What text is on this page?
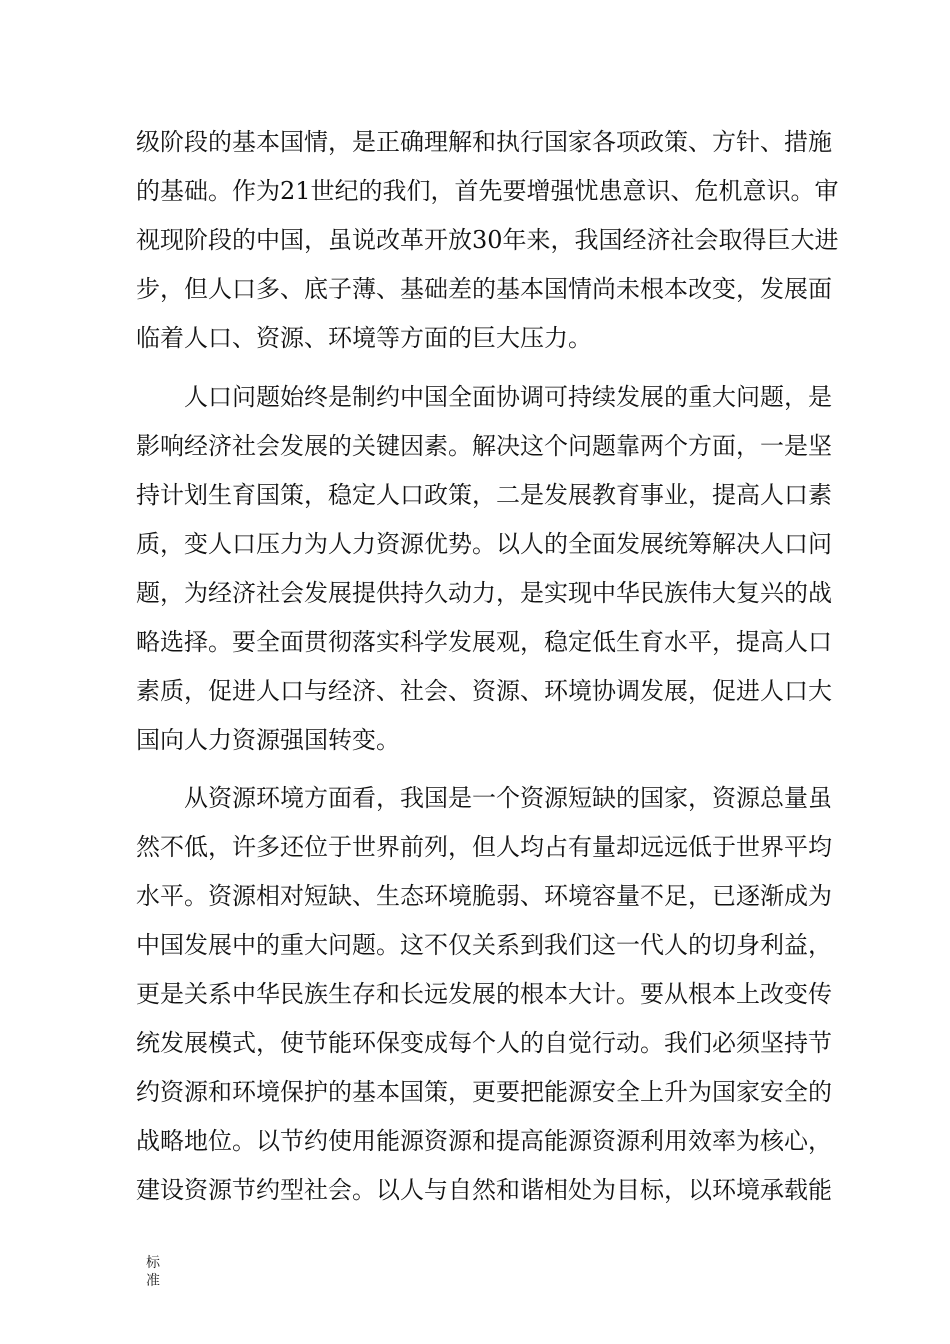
级阶段的基本国情，是正确理解和执行国家各项政策、方针、措施
的基础。作为21世纪的我们，首先要增强忧患意识、危机意识。审
视现阶段的中国，虽说改革开放30年来，我国经济社会取得巨大进
步，但人口多、底子薄、基础差的基本国情尚未根本改变，发展面
临着人口、资源、环境等方面的巨大压力。
人口问题始终是制约中国全面协调可持续发展的重大问题，是
影响经济社会发展的关键因素。解决这个问题靠两个方面，一是坚
持计划生育国策，稳定人口政策，二是发展教育事业，提高人口素
质，变人口压力为人力资源优势。以人的全面发展统筹解决人口问
题，为经济社会发展提供持久动力，是实现中华民族伟大复兴的战
略选择。要全面贯彻落实科学发展观，稳定低生育水平，提高人口
素质，促进人口与经济、社会、资源、环境协调发展，促进人口大
国向人力资源强国转变。
从资源环境方面看，我国是一个资源短缺的国家，资源总量虽
然不低，许多还位于世界前列，但人均占有量却远远低于世界平均
水平。资源相对短缺、生态环境脆弱、环境容量不足，已逐渐成为
中国发展中的重大问题。这不仅关系到我们这一代人的切身利益，
更是关系中华民族生存和长远发展的根本大计。要从根本上改变传
统发展模式，使节能环保变成每个人的自觉行动。我们必须坚持节
约资源和环境保护的基本国策，更要把能源安全上升为国家安全的
战略地位。以节约使用能源资源和提高能源资源利用效率为核心，
建设资源节约型社会。以人与自然和谐相处为目标，以环境承载能
标
准
